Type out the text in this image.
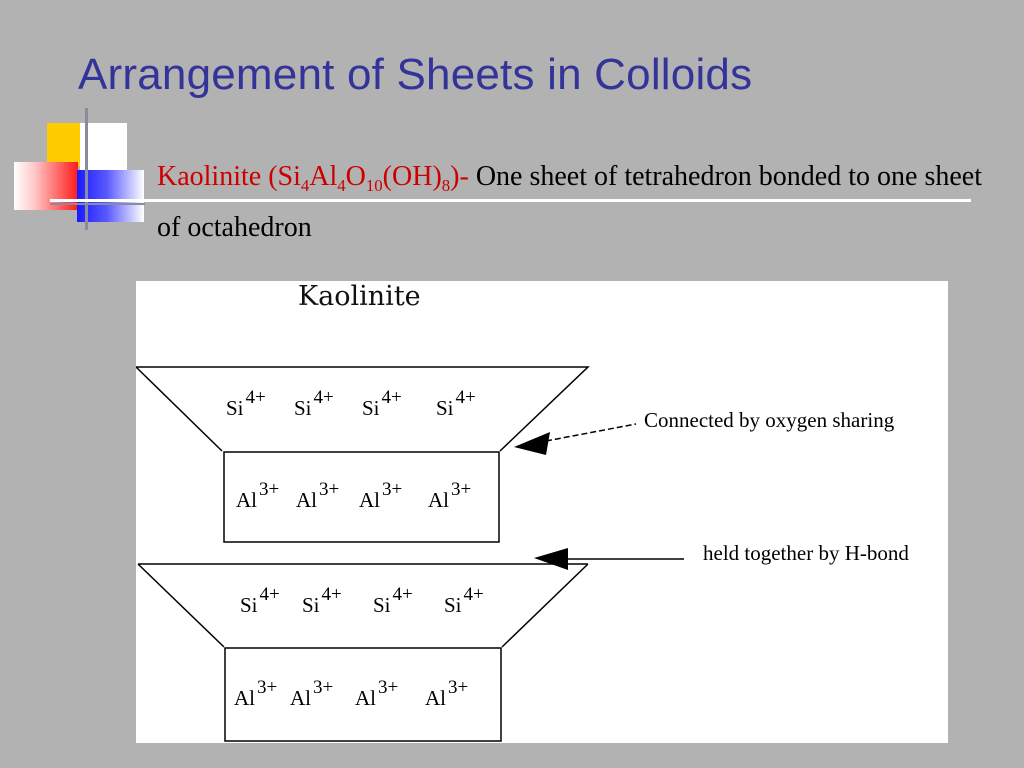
Arrangement of Sheets in Colloids
Kaolinite $(Si_4Al_4O_{10}(OH)_8)-$ One sheet of tetrahedron bonded to one sheet of octahedron
Kaolinite
Si 4+ Si 4+ Si 4+ Si 4+
Al 3+ Al 3+ Al 3+ Al 3+
Si 4+ Si 4+ Si 4+ Si 4+
Al 3+ Al 3+ Al 3+ Al 3+
Connected by oxygen sharing
held together by H-bond
